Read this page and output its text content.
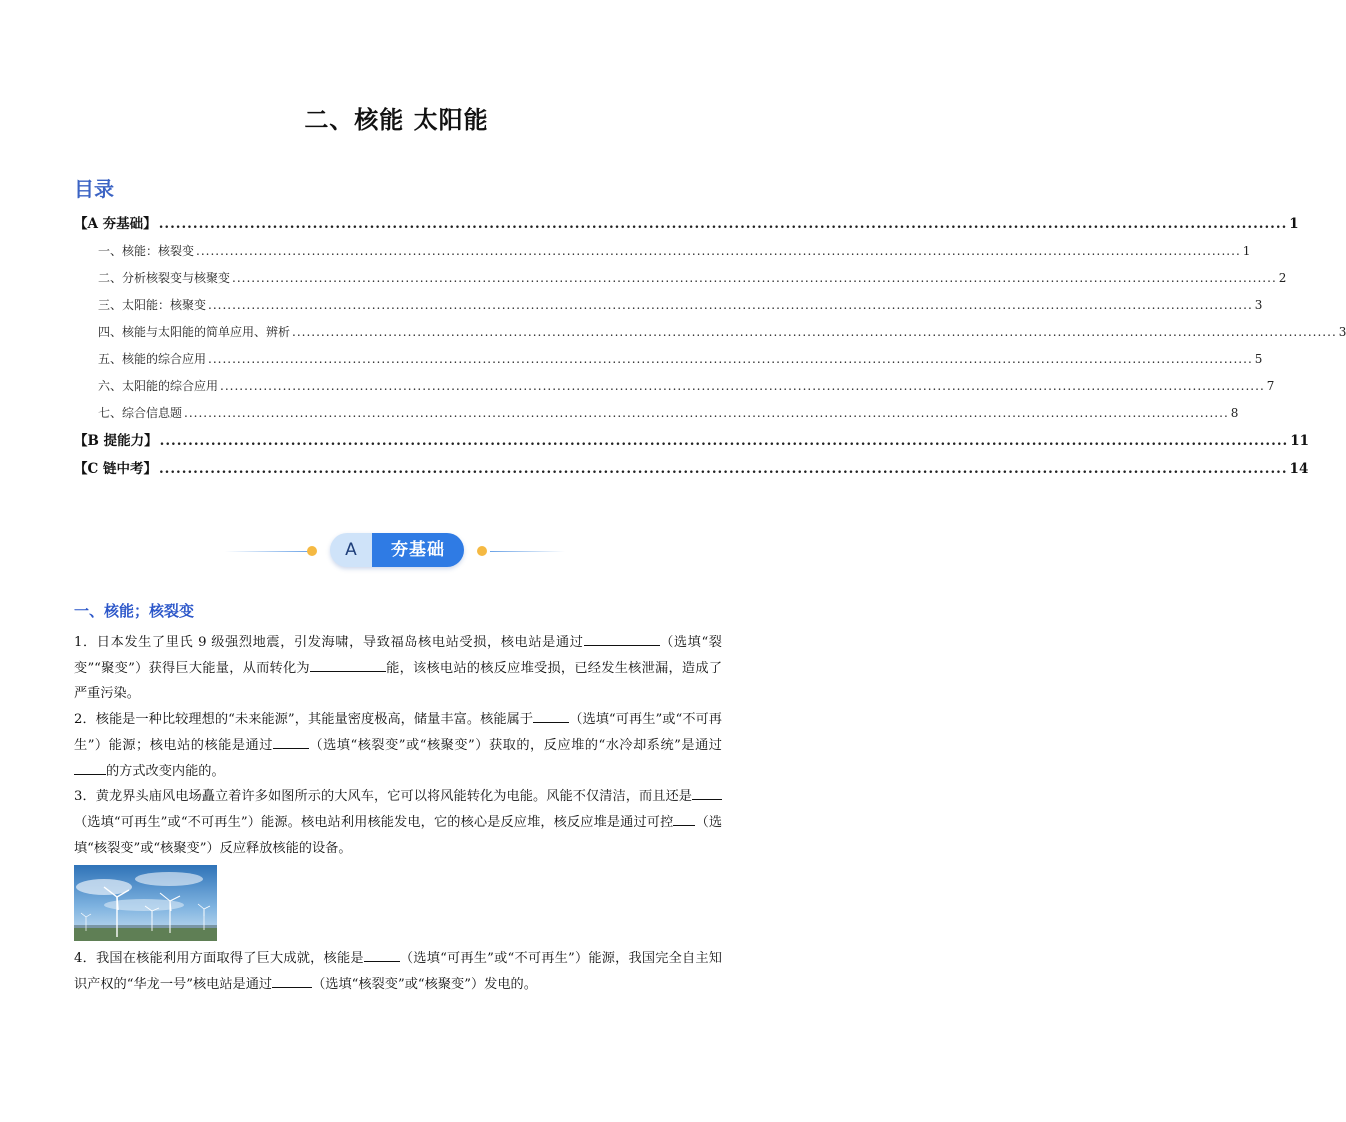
二、核能 太阳能
目录
【A 夯基础】 ...................................................................................................................................................................................................... 1
一、核能：核裂变 ......................................................................................................................................................................................................................... 1
二、分析核裂变与核聚变 ......................................................................................................................................................................................................................... 2
三、太阳能：核聚变 ......................................................................................................................................................................................................................... 3
四、核能与太阳能的简单应用、辨析 ......................................................................................................................................................................................................................... 3
五、核能的综合应用 ......................................................................................................................................................................................................................... 5
六、太阳能的综合应用 ......................................................................................................................................................................................................................... 7
七、综合信息题 ......................................................................................................................................................................................................................... 8
【B 提能力】 ...................................................................................................................................................................................................... 11
【C 链中考】 ...................................................................................................................................................................................................... 14
A	夯基础
一、核能；核裂变

1．日本发生了里氏 9 级强烈地震，引发海啸，导致福岛核电站受损，核电站是通过	（选填“裂变”“聚变”）获得巨大能量，从而转化为	能，该核电站的核反应堆受损，已经发生核泄漏，造成了严重污染。

2．核能是一种比较理想的“未来能源”，其能量密度极高，储量丰富。核能属于	（选填“可再生”或“不可再生”）能源；核电站的核能是通过	（选填“核裂变”或“核聚变”）获取的，反应堆的“水冷却系统”是通过的方式改变内能的。

3．黄龙界头庙风电场矗立着许多如图所示的大风车，它可以将风能转化为电能。风能不仅清洁，而且还是（选填“可再生”或“不可再生”）能源。核电站利用核能发电，它的核心是反应堆，核反应堆是通过可控 （选填“核裂变”或“核聚变”）反应释放核能的设备。

4．我国在核能利用方面取得了巨大成就，核能是	（选填“可再生”或“不可再生”）能源，我国完全自主知识产权的“华龙一号”核电站是通过	（选填“核裂变”或“核聚变”）发电的。
